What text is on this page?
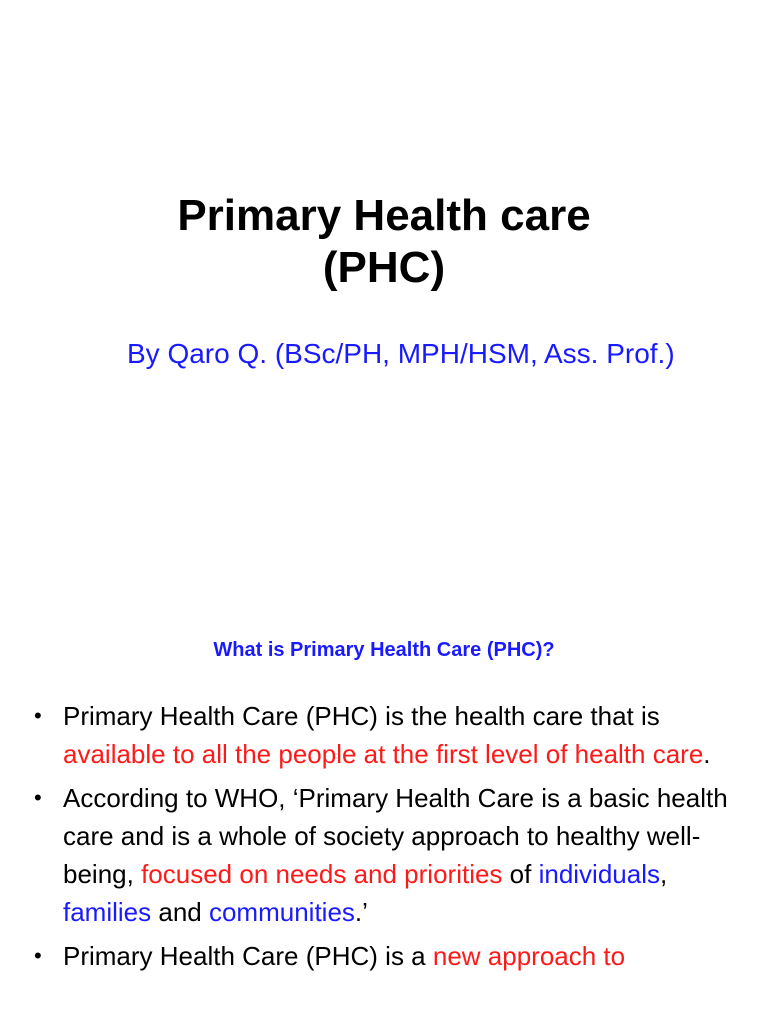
Primary Health care
(PHC)
By Qaro Q. (BSc/PH, MPH/HSM, Ass. Prof.)
What is Primary Health Care (PHC)?
• Primary Health Care (PHC) is the health care that is available to all the people at the first level of health care.
• According to WHO, ‘Primary Health Care is a basic health care and is a whole of society approach to healthy well-being, focused on needs and priorities of individuals, families and communities.’
• Primary Health Care (PHC) is a new approach to
